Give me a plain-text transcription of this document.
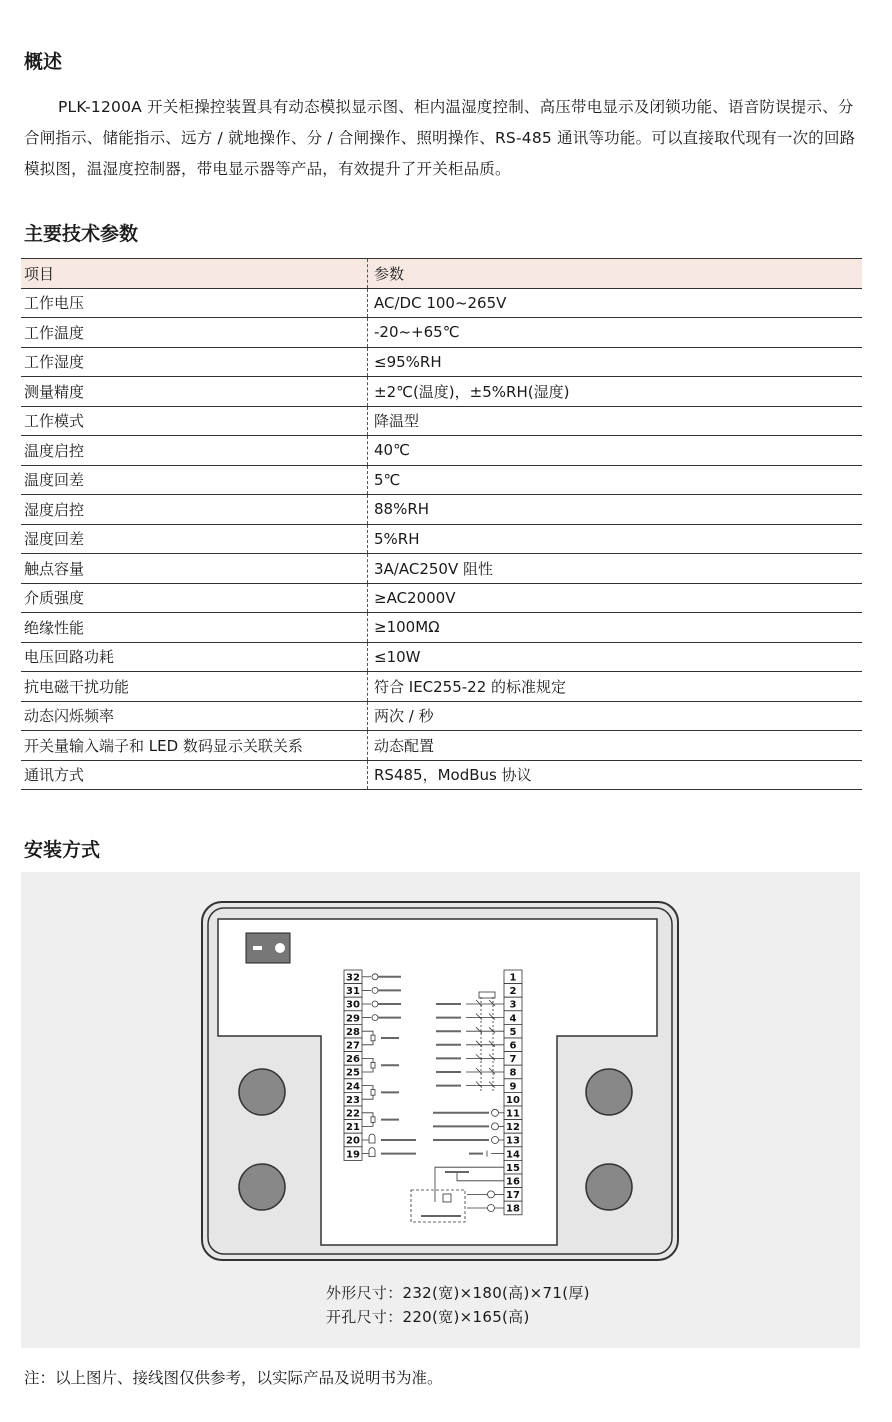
概述

PLK-1200A 开关柜操控装置具有动态模拟显示图、柜内温湿度控制、高压带电显示及闭锁功能、语音防误提示、分合闸指示、储能指示、远方 / 就地操作、分 / 合闸操作、照明操作、RS-485 通讯等功能。可以直接取代现有一次的回路模拟图，温湿度控制器，带电显示器等产品，有效提升了开关柜品质。

主要技术参数
项目	参数
工作电压	AC/DC 100~265V
工作温度	-20~+65℃
工作湿度	≤95%RH
测量精度	±2℃(温度)，±5%RH(湿度)
工作模式	降温型
温度启控	40℃
温度回差	5℃
湿度启控	88%RH
湿度回差	5%RH
触点容量	3A/AC250V 阻性
介质强度	≥AC2000V
绝缘性能	≥100MΩ
电压回路功耗	≤10W
抗电磁干扰功能	符合 IEC255-22 的标准规定
动态闪烁频率	两次 / 秒
开关量输入端子和 LED 数码显示关联关系	动态配置
通讯方式	RS485，ModBus 协议
安装方式
32
31
30
29
28
27
26
25
24
23
22
21
20
19
1
2
3
4
5
6
7
8
9
10
11
12
13
14
15
16
17
18
外形尺寸：232(宽)×180(高)×71(厚)
开孔尺寸：220(宽)×165(高)

注：以上图片、接线图仅供参考，以实际产品及说明书为准。
